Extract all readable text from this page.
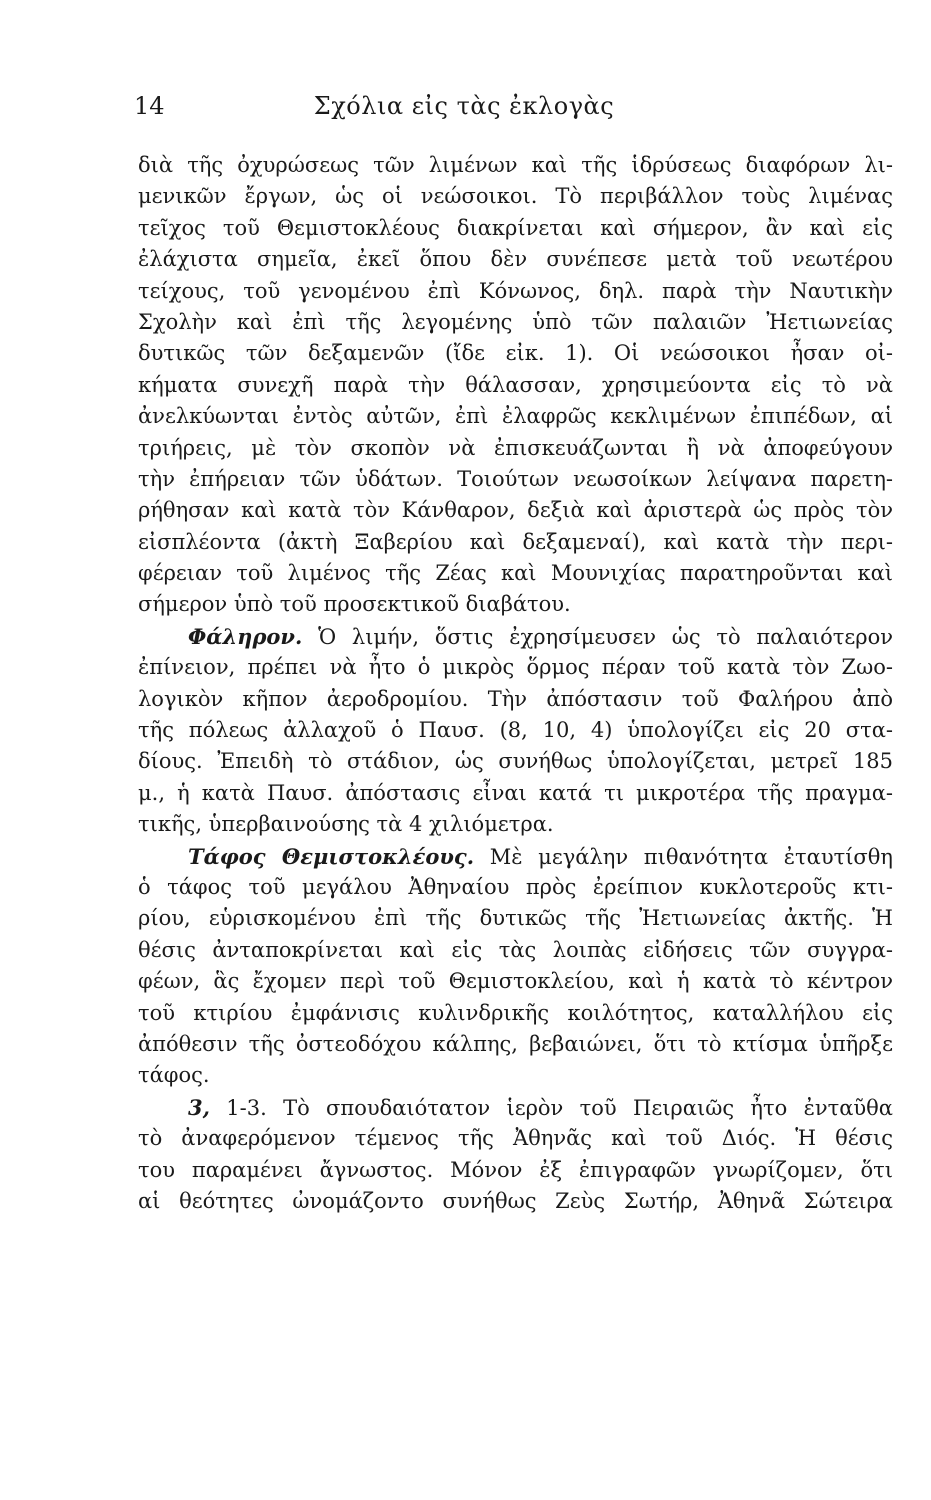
14	Σχόλια εἰς τὰς ἐκλογὰς
διὰ τῆς ὀχυρώσεως τῶν λιμένων καὶ τῆς ἱδρύσεως διαφόρων λι-
μενικῶν ἔργων, ὡς οἱ νεώσοικοι. Τὸ περιβάλλον τοὺς λιμένας
τεῖχος τοῦ Θεμιστοκλέους διακρίνεται καὶ σήμερον, ἂν καὶ εἰς
ἐλάχιστα σημεῖα, ἐκεῖ ὅπου δὲν συνέπεσε μετὰ τοῦ νεωτέρου
τείχους, τοῦ γενομένου ἐπὶ Κόνωνος, δηλ. παρὰ τὴν Ναυτικὴν
Σχολὴν καὶ ἐπὶ τῆς λεγομένης ὑπὸ τῶν παλαιῶν Ἠετιωνείας
δυτικῶς τῶν δεξαμενῶν (ἴδε εἰκ. 1). Οἱ νεώσοικοι ἦσαν οἰ-
κήματα συνεχῆ παρὰ τὴν θάλασσαν, χρησιμεύοντα εἰς τὸ νὰ
ἀνελκύωνται ἐντὸς αὐτῶν, ἐπὶ ἐλαφρῶς κεκλιμένων ἐπιπέδων, αἱ
τριήρεις, μὲ τὸν σκοπὸν νὰ ἐπισκευάζωνται ἢ νὰ ἀποφεύγουν
τὴν ἐπήρειαν τῶν ὑδάτων. Τοιούτων νεωσοίκων λείψανα παρετη-
ρήθησαν καὶ κατὰ τὸν Κάνθαρον, δεξιὰ καὶ ἀριστερὰ ὡς πρὸς τὸν
εἰσπλέοντα (ἀκτὴ Ξαβερίου καὶ δεξαμεναί), καὶ κατὰ τὴν περι-
φέρειαν τοῦ λιμένος τῆς Ζέας καὶ Μουνιχίας παρατηροῦνται καὶ
σήμερον ὑπὸ τοῦ προσεκτικοῦ διαβάτου.
Φάληρον. Ὁ λιμήν, ὅστις ἐχρησίμευσεν ὡς τὸ παλαιότερον
ἐπίνειον, πρέπει νὰ ἦτο ὁ μικρὸς ὅρμος πέραν τοῦ κατὰ τὸν Ζωο-
λογικὸν κῆπον ἀεροδρομίου. Τὴν ἀπόστασιν τοῦ Φαλήρου ἀπὸ
τῆς πόλεως ἀλλαχοῦ ὁ Παυσ. (8, 10, 4) ὑπολογίζει εἰς 20 στα-
δίους. Ἐπειδὴ τὸ στάδιον, ὡς συνήθως ὑπολογίζεται, μετρεῖ 185
μ., ἡ κατὰ Παυσ. ἀπόστασις εἶναι κατά τι μικροτέρα τῆς πραγμα-
τικῆς, ὑπερβαινούσης τὰ 4 χιλιόμετρα.
Τάφος Θεμιστοκλέους. Μὲ μεγάλην πιθανότητα ἐταυτίσθη
ὁ τάφος τοῦ μεγάλου Ἀθηναίου πρὸς ἐρείπιον κυκλοτεροῦς κτι-
ρίου, εὑρισκομένου ἐπὶ τῆς δυτικῶς τῆς Ἠετιωνείας ἀκτῆς. Ἡ
θέσις ἀνταποκρίνεται καὶ εἰς τὰς λοιπὰς εἰδήσεις τῶν συγγρα-
φέων, ἃς ἔχομεν περὶ τοῦ Θεμιστοκλείου, καὶ ἡ κατὰ τὸ κέντρον
τοῦ κτιρίου ἐμφάνισις κυλινδρικῆς κοιλότητος, καταλλήλου εἰς
ἀπόθεσιν τῆς ὀστεοδόχου κάλπης, βεβαιώνει, ὅτι τὸ κτίσμα ὑπῆρξε
τάφος.
3, 1-3. Τὸ σπουδαιότατον ἱερὸν τοῦ Πειραιῶς ἦτο ἐνταῦθα
τὸ ἀναφερόμενον τέμενος τῆς Ἀθηνᾶς καὶ τοῦ Διός. Ἡ θέσις
του παραμένει ἄγνωστος. Μόνον ἐξ ἐπιγραφῶν γνωρίζομεν, ὅτι
αἱ θεότητες ὠνομάζοντο συνήθως Ζεὺς Σωτήρ, Ἀθηνᾶ Σώτειρα
